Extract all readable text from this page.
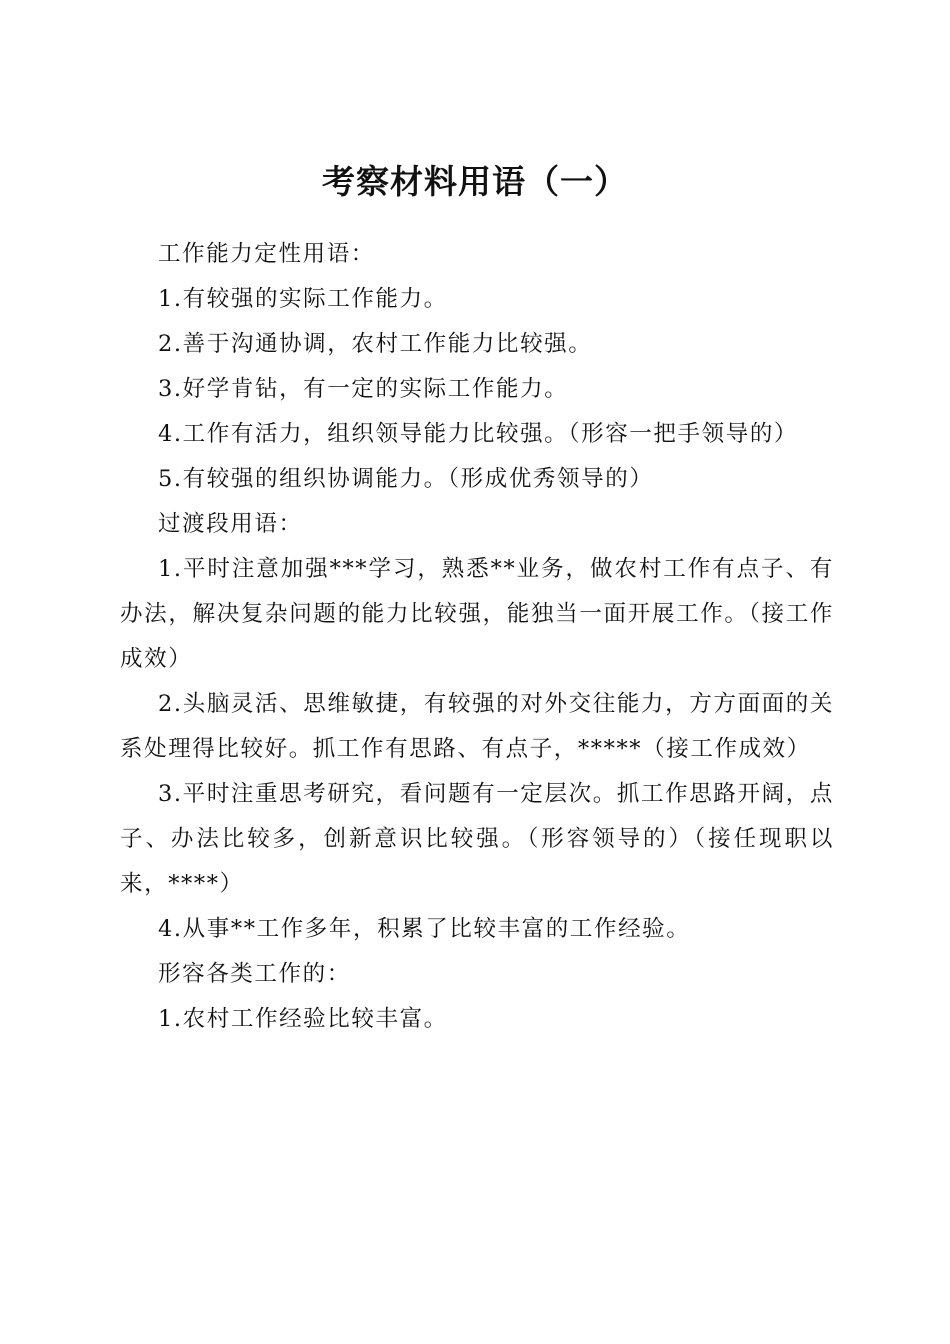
考察材料用语（一）

工作能力定性用语：

1.有较强的实际工作能力。

2.善于沟通协调，农村工作能力比较强。

3.好学肯钻，有一定的实际工作能力。

4.工作有活力，组织领导能力比较强。（形容一把手领导的）

5.有较强的组织协调能力。（形成优秀领导的）

过渡段用语：

1.平时注意加强***学习，熟悉**业务，做农村工作有点子、有办法，解决复杂问题的能力比较强，能独当一面开展工作。（接工作成效）

2.头脑灵活、思维敏捷，有较强的对外交往能力，方方面面的关系处理得比较好。抓工作有思路、有点子，*****（接工作成效）

3.平时注重思考研究，看问题有一定层次。抓工作思路开阔，点子、办法比较多，创新意识比较强。（形容领导的）（接任现职以来，****）

4.从事**工作多年，积累了比较丰富的工作经验。

形容各类工作的：

1.农村工作经验比较丰富。
